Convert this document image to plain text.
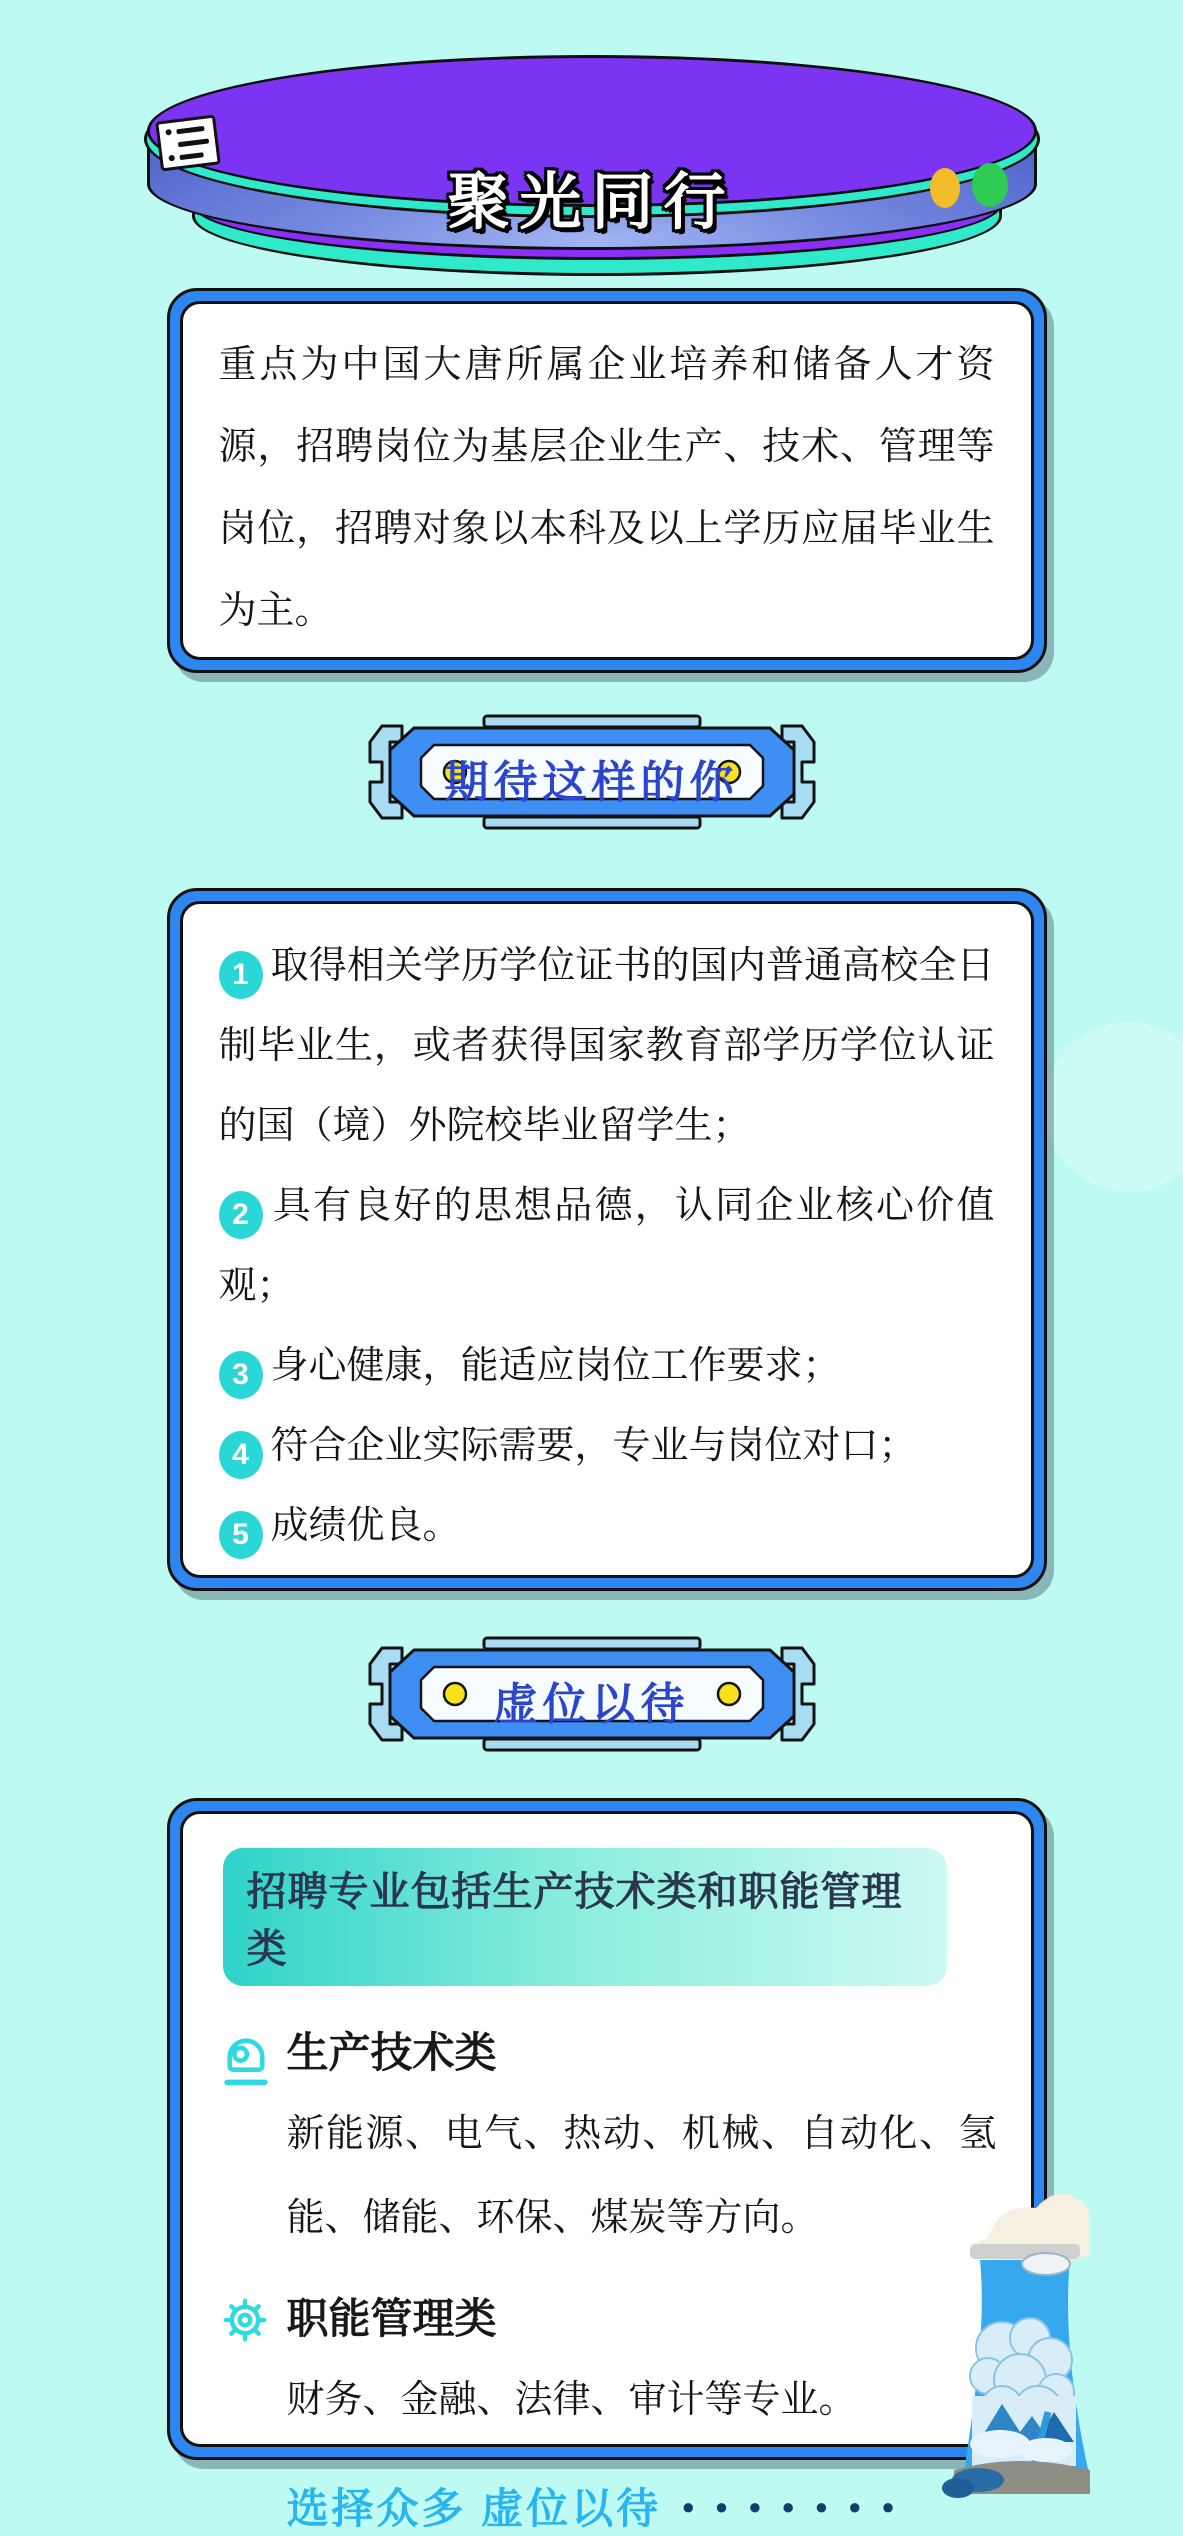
聚光同行

重点为中国大唐所属企业培养和储备人才资源，招聘岗位为基层企业生产、技术、管理等岗位，招聘对象以本科及以上学历应届毕业生为主。

期待这样的你

1 取得相关学历学位证书的国内普通高校全日制毕业生，或者获得国家教育部学历学位认证的国（境）外院校毕业留学生；

2 具有良好的思想品德，认同企业核心价值观；

3 身心健康，能适应岗位工作要求；

4 符合企业实际需要，专业与岗位对口；

5 成绩优良。

虚位以待
招聘专业包括生产技术类和职能管理类
生产技术类

新能源、电气、热动、机械、自动化、氢能、储能、环保、煤炭等方向。

职能管理类

财务、金融、法律、审计等专业。

选择众多 虚位以待 ●●●●●●●
